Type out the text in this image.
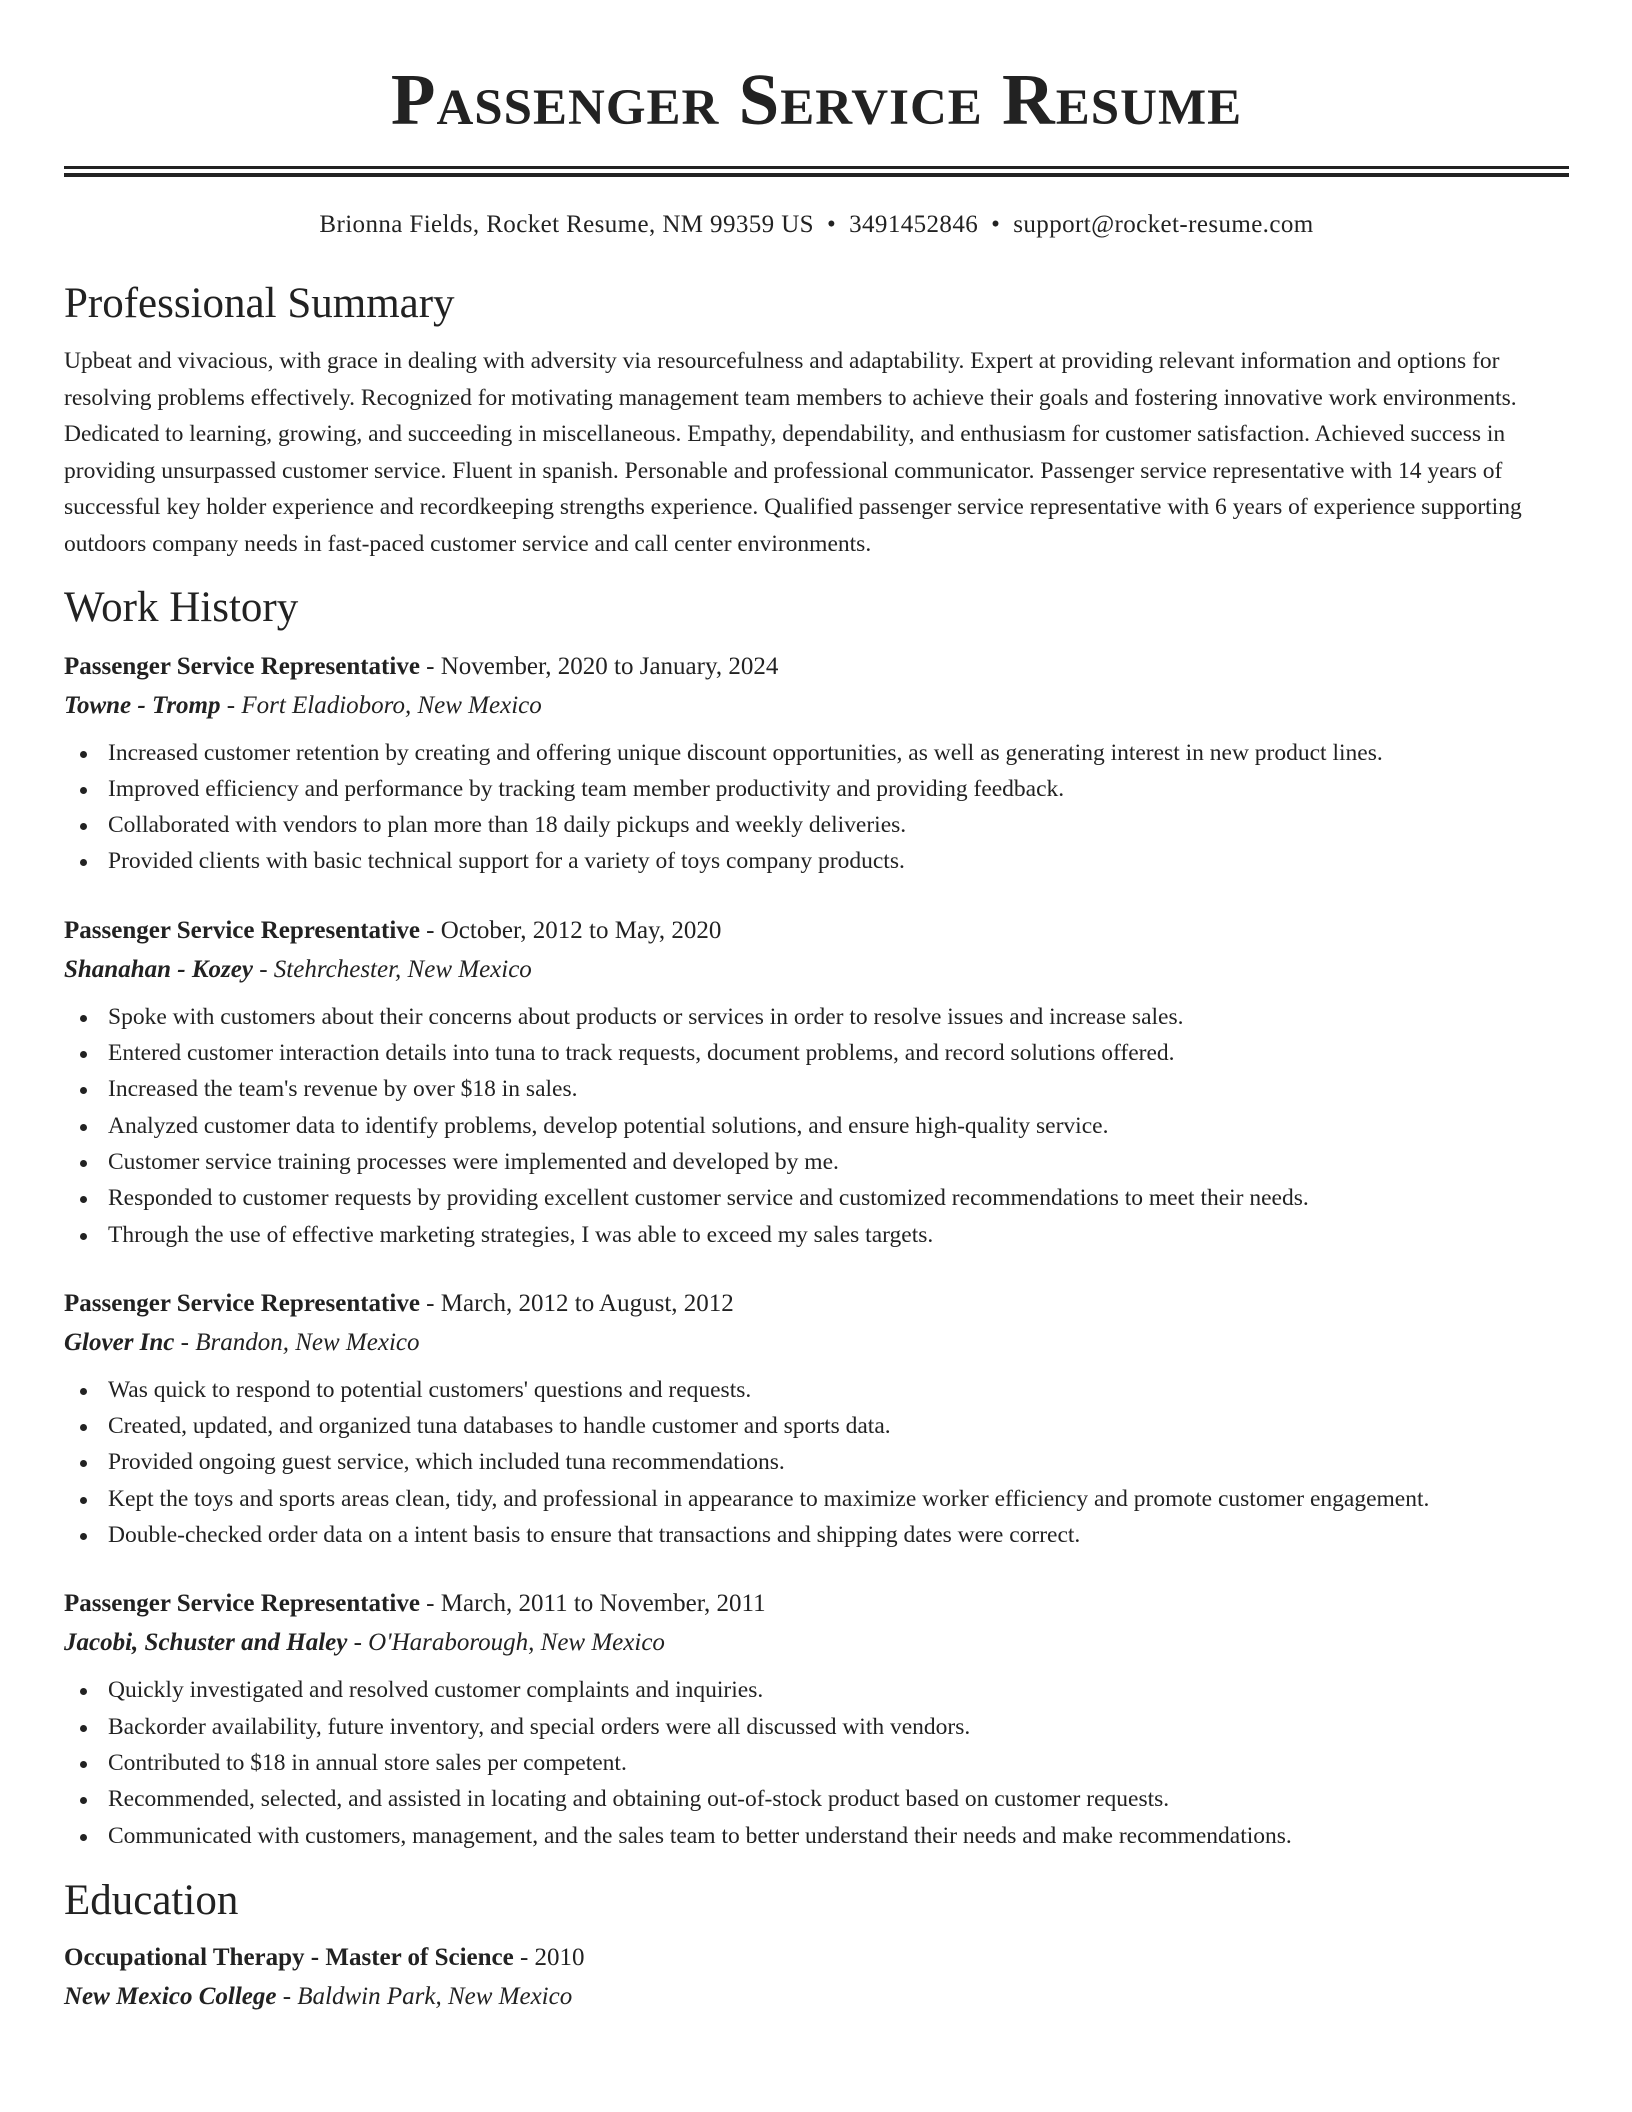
Passenger Service Resume
Brionna Fields, Rocket Resume, NM 99359 US • 3491452846 • support@rocket-resume.com
Professional Summary

Upbeat and vivacious, with grace in dealing with adversity via resourcefulness and adaptability. Expert at providing relevant information and options for resolving problems effectively. Recognized for motivating management team members to achieve their goals and fostering innovative work environments. Dedicated to learning, growing, and succeeding in miscellaneous. Empathy, dependability, and enthusiasm for customer satisfaction. Achieved success in providing unsurpassed customer service. Fluent in spanish. Personable and professional communicator. Passenger service representative with 14 years of successful key holder experience and recordkeeping strengths experience. Qualified passenger service representative with 6 years of experience supporting outdoors company needs in fast-paced customer service and call center environments.

Work History
Passenger Service Representative - November, 2020 to January, 2024
Towne - Tromp - Fort Eladioboro, New Mexico
Increased customer retention by creating and offering unique discount opportunities, as well as generating interest in new product lines.
Improved efficiency and performance by tracking team member productivity and providing feedback.
Collaborated with vendors to plan more than 18 daily pickups and weekly deliveries.
Provided clients with basic technical support for a variety of toys company products.
Passenger Service Representative - October, 2012 to May, 2020
Shanahan - Kozey - Stehrchester, New Mexico
Spoke with customers about their concerns about products or services in order to resolve issues and increase sales.
Entered customer interaction details into tuna to track requests, document problems, and record solutions offered.
Increased the team's revenue by over $18 in sales.
Analyzed customer data to identify problems, develop potential solutions, and ensure high-quality service.
Customer service training processes were implemented and developed by me.
Responded to customer requests by providing excellent customer service and customized recommendations to meet their needs.
Through the use of effective marketing strategies, I was able to exceed my sales targets.
Passenger Service Representative - March, 2012 to August, 2012
Glover Inc - Brandon, New Mexico
Was quick to respond to potential customers' questions and requests.
Created, updated, and organized tuna databases to handle customer and sports data.
Provided ongoing guest service, which included tuna recommendations.
Kept the toys and sports areas clean, tidy, and professional in appearance to maximize worker efficiency and promote customer engagement.
Double-checked order data on a intent basis to ensure that transactions and shipping dates were correct.
Passenger Service Representative - March, 2011 to November, 2011
Jacobi, Schuster and Haley - O'Haraborough, New Mexico
Quickly investigated and resolved customer complaints and inquiries.
Backorder availability, future inventory, and special orders were all discussed with vendors.
Contributed to $18 in annual store sales per competent.
Recommended, selected, and assisted in locating and obtaining out-of-stock product based on customer requests.
Communicated with customers, management, and the sales team to better understand their needs and make recommendations.
Education
Occupational Therapy - Master of Science - 2010
New Mexico College - Baldwin Park, New Mexico
